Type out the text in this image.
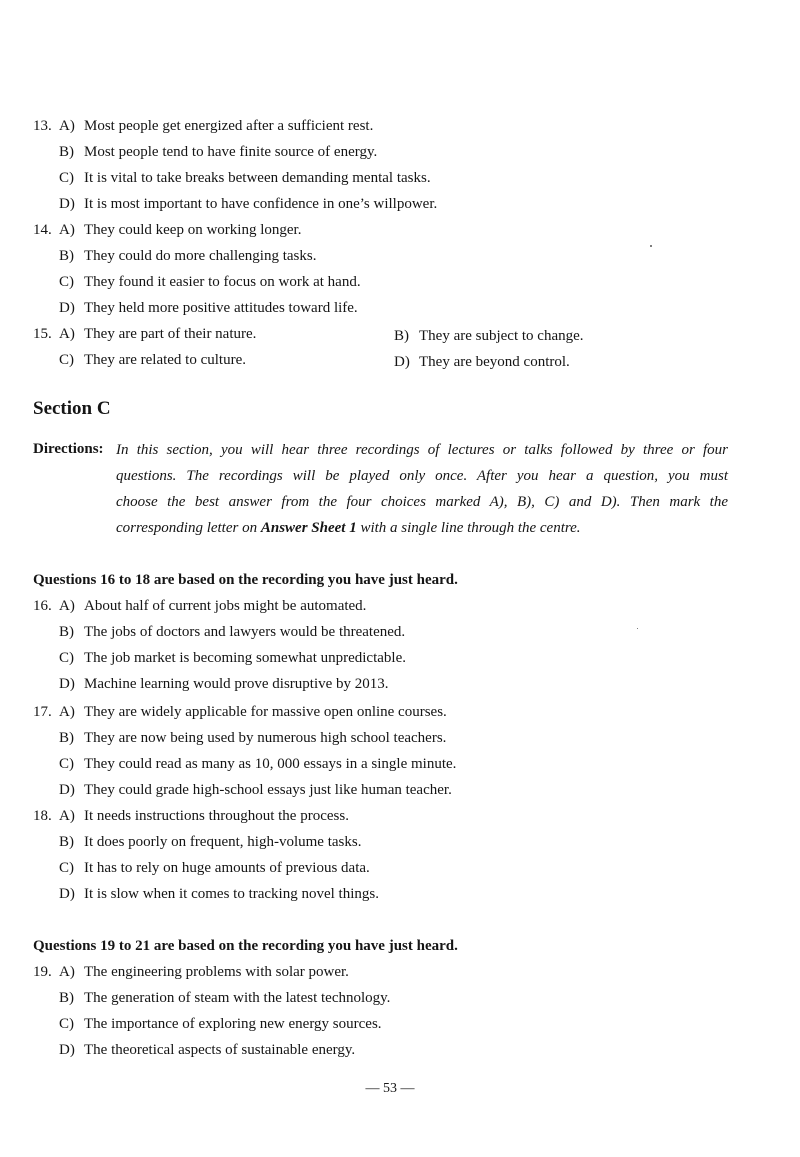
13. A) Most people get energized after a sufficient rest.
B) Most people tend to have finite source of energy.
C) It is vital to take breaks between demanding mental tasks.
D) It is most important to have confidence in one’s willpower.
14. A) They could keep on working longer.
B) They could do more challenging tasks.
C) They found it easier to focus on work at hand.
D) They held more positive attitudes toward life.
15. A) They are part of their nature.	B) They are subject to change.
C) They are related to culture.	D) They are beyond control.
Section C
Directions: In this section, you will hear three recordings of lectures or talks followed by three or four
questions. The recordings will be played only once. After you hear a question, you must
choose the best answer from the four choices marked A), B), C) and D). Then mark the
corresponding letter on Answer Sheet 1 with a single line through the centre.
Questions 16 to 18 are based on the recording you have just heard.
16. A) About half of current jobs might be automated.
B) The jobs of doctors and lawyers would be threatened.
C) The job market is becoming somewhat unpredictable.
D) Machine learning would prove disruptive by 2013.
17. A) They are widely applicable for massive open online courses.
B) They are now being used by numerous high school teachers.
C) They could read as many as 10, 000 essays in a single minute.
D) They could grade high-school essays just like human teacher.
18. A) It needs instructions throughout the process.
B) It does poorly on frequent, high-volume tasks.
C) It has to rely on huge amounts of previous data.
D) It is slow when it comes to tracking novel things.
Questions 19 to 21 are based on the recording you have just heard.
19. A) The engineering problems with solar power.
B) The generation of steam with the latest technology.
C) The importance of exploring new energy sources.
D) The theoretical aspects of sustainable energy.
— 53 —
